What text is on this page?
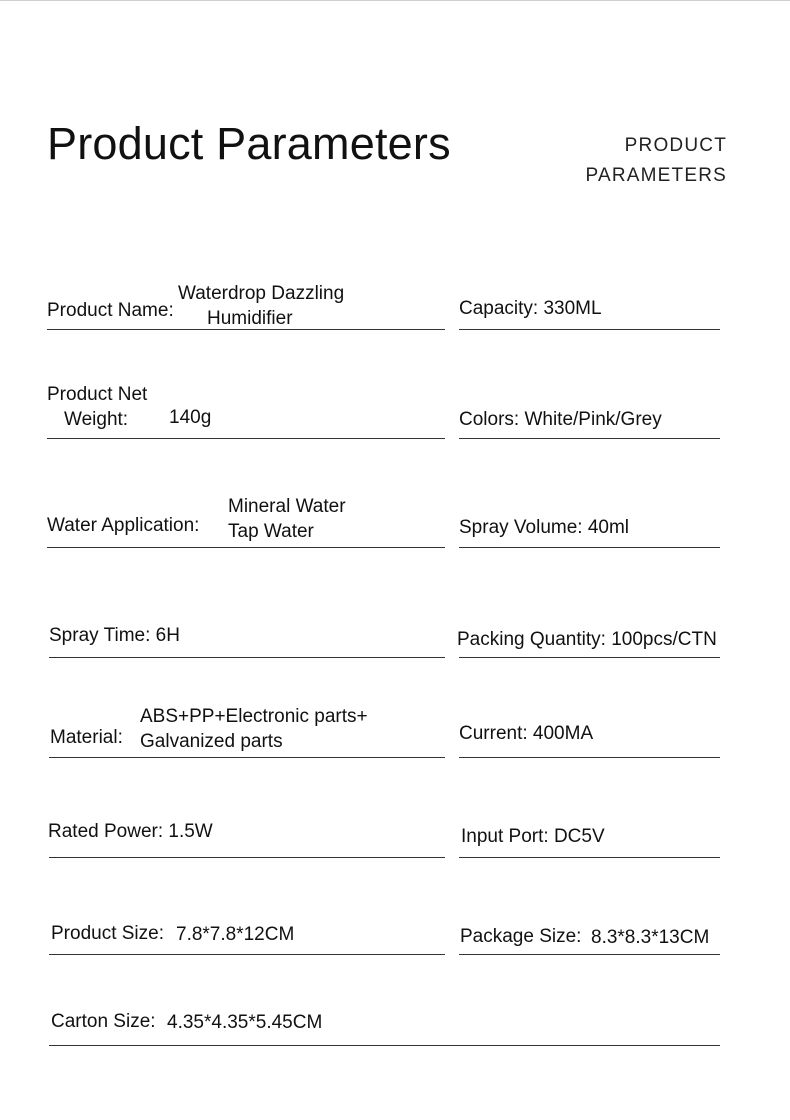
Product Parameters	PRODUCT
PARAMETERS
Product Name:
Waterdrop Dazzling
Humidifier	Capacity: 330ML
Product Net
Weight: 140g	Colors: White/Pink/Grey
Water Application:
Mineral Water
Tap Water	Spray Volume: 40ml
Spray Time: 6H	Packing Quantity: 100pcs/CTN
Material:
ABS+PP+Electronic parts+
Galvanized parts	Current: 400MA
Rated Power: 1.5W	Input Port: DC5V
Product Size: 7.8*7.8*12CM	Package Size: 8.3*8.3*13CM
Carton Size: 4.35*4.35*5.45CM
